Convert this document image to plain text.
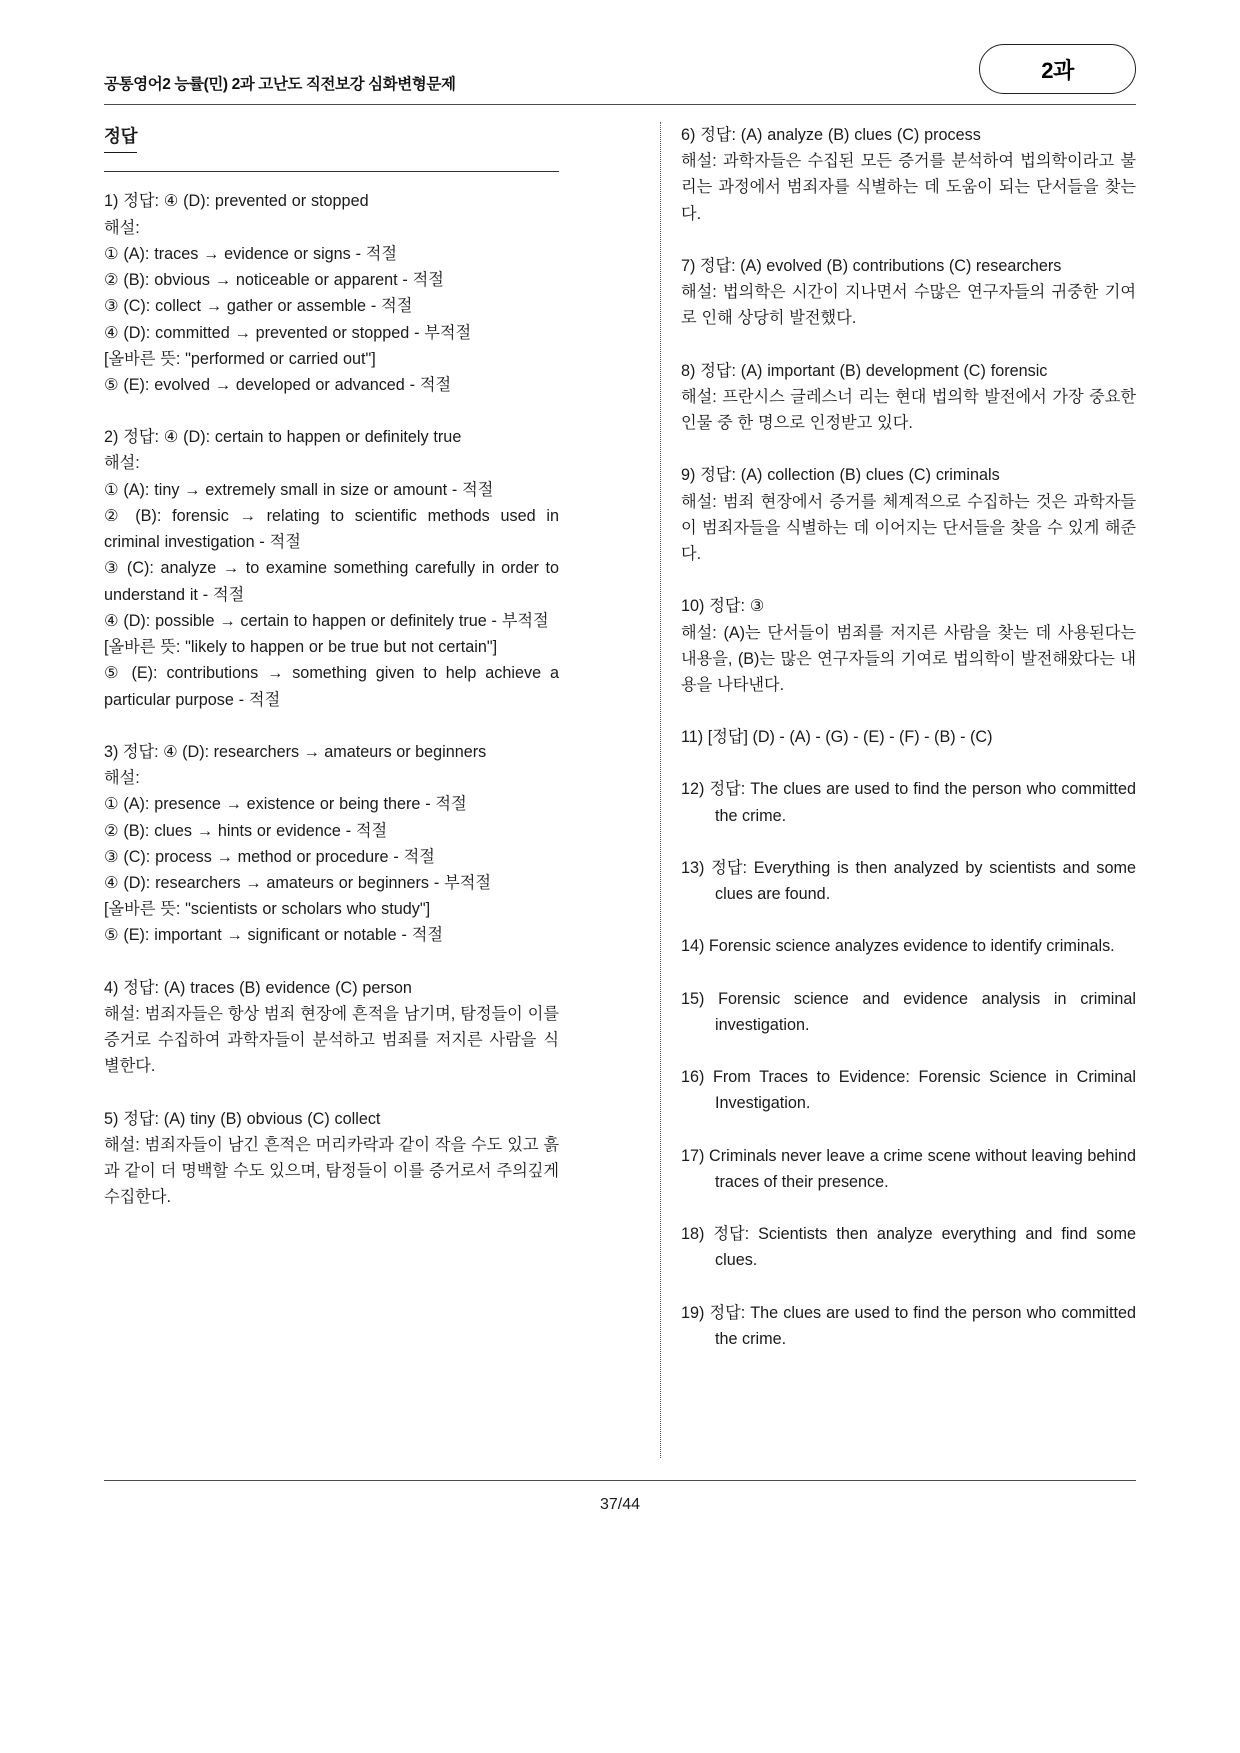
공통영어2 능률(민) 2과 고난도 직전보강 심화변형문제
2과
정답

1) 정답: ④ (D): prevented or stopped

해설:

① (A): traces → evidence or signs - 적절

② (B): obvious → noticeable or apparent - 적절

③ (C): collect → gather or assemble - 적절

④ (D): committed → prevented or stopped - 부적절

[올바른 뜻: "performed or carried out"]

⑤ (E): evolved → developed or advanced - 적절

2) 정답: ④ (D): certain to happen or definitely true

해설:

① (A): tiny → extremely small in size or amount - 적절

② (B): forensic → relating to scientific methods used in criminal investigation - 적절

③ (C): analyze → to examine something carefully in order to understand it - 적절

④ (D): possible → certain to happen or definitely true - 부적절

[올바른 뜻: "likely to happen or be true but not certain"]

⑤ (E): contributions → something given to help achieve a particular purpose - 적절

3) 정답: ④ (D): researchers → amateurs or beginners

해설:

① (A): presence → existence or being there - 적절

② (B): clues → hints or evidence - 적절

③ (C): process → method or procedure - 적절

④ (D): researchers → amateurs or beginners - 부적절

[올바른 뜻: "scientists or scholars who study"]

⑤ (E): important → significant or notable - 적절

4) 정답: (A) traces (B) evidence (C) person

해설: 범죄자들은 항상 범죄 현장에 흔적을 남기며, 탐정들이 이를 증거로 수집하여 과학자들이 분석하고 범죄를 저지른 사람을 식별한다.

5) 정답: (A) tiny (B) obvious (C) collect

해설: 범죄자들이 남긴 흔적은 머리카락과 같이 작을 수도 있고 흙과 같이 더 명백할 수도 있으며, 탐정들이 이를 증거로서 주의깊게 수집한다.

6) 정답: (A) analyze (B) clues (C) process

해설: 과학자들은 수집된 모든 증거를 분석하여 법의학이라고 불리는 과정에서 범죄자를 식별하는 데 도움이 되는 단서들을 찾는다.

7) 정답: (A) evolved (B) contributions (C) researchers

해설: 법의학은 시간이 지나면서 수많은 연구자들의 귀중한 기여로 인해 상당히 발전했다.

8) 정답: (A) important (B) development (C) forensic

해설: 프란시스 글레스너 리는 현대 법의학 발전에서 가장 중요한 인물 중 한 명으로 인정받고 있다.

9) 정답: (A) collection (B) clues (C) criminals

해설: 범죄 현장에서 증거를 체계적으로 수집하는 것은 과학자들이 범죄자들을 식별하는 데 이어지는 단서들을 찾을 수 있게 해준다.

10) 정답: ③

해설: (A)는 단서들이 범죄를 저지른 사람을 찾는 데 사용된다는 내용을, (B)는 많은 연구자들의 기여로 법의학이 발전해왔다는 내용을 나타낸다.

11) [정답] (D) - (A) - (G) - (E) - (F) - (B) - (C)

12) 정답: The clues are used to find the person who committed the crime.

13) 정답: Everything is then analyzed by scientists and some clues are found.

14) Forensic science analyzes evidence to identify criminals.

15) Forensic science and evidence analysis in criminal investigation.

16) From Traces to Evidence: Forensic Science in Criminal Investigation.

17) Criminals never leave a crime scene without leaving behind traces of their presence.

18) 정답: Scientists then analyze everything and find some clues.

19) 정답: The clues are used to find the person who committed the crime.

37/44
